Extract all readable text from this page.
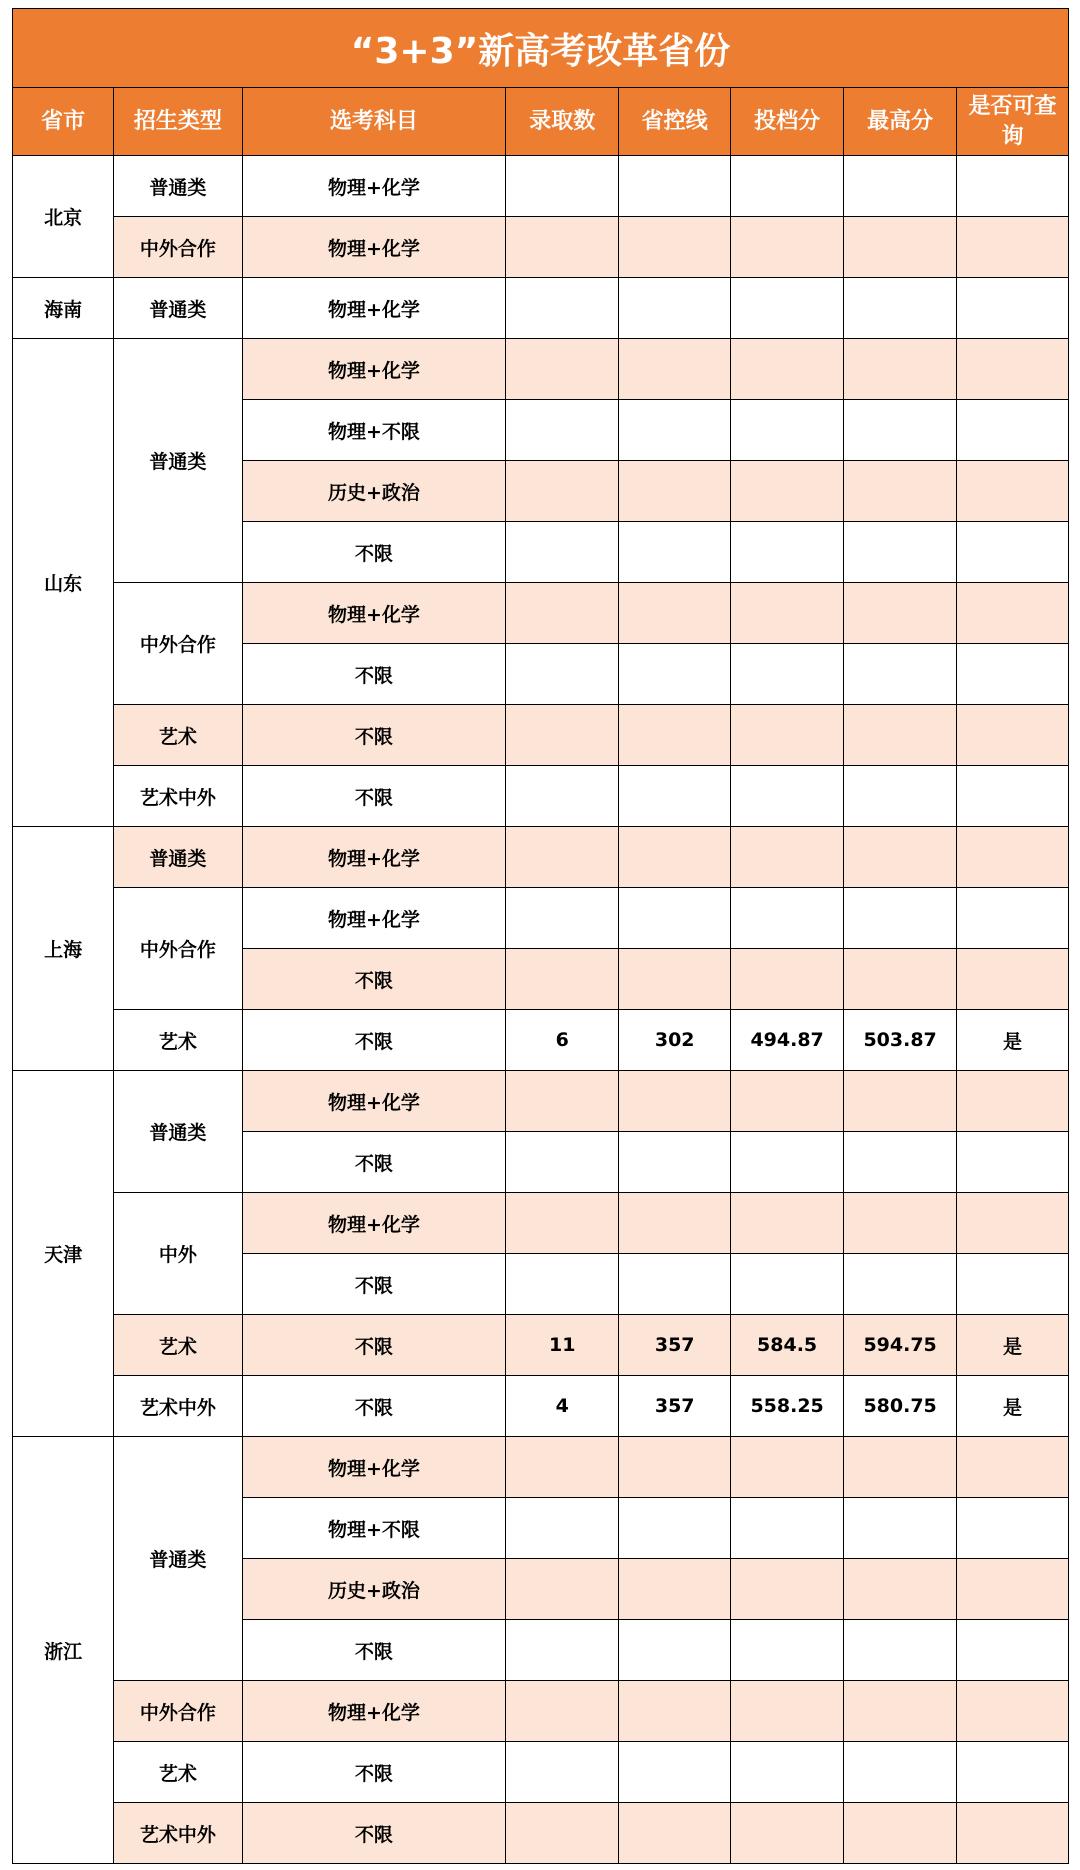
“3+3”新高考改革省份
省市	招生类型	选考科目	录取数	省控线	投档分	最高分	是否可查询
北京	普通类	物理+化学					
	中外合作	物理+化学					
海南	普通类	物理+化学					
山东	普通类	物理+化学					
		物理+不限					
		历史+政治					
		不限					
	中外合作	物理+化学					
		不限					
	艺术	不限					
	艺术中外	不限					
上海	普通类	物理+化学					
	中外合作	物理+化学					
		不限					
	艺术	不限	6	302	494.87	503.87	是
天津	普通类	物理+化学					
		不限					
	中外	物理+化学					
		不限					
	艺术	不限	11	357	584.5	594.75	是
	艺术中外	不限	4	357	558.25	580.75	是
浙江	普通类	物理+化学					
		物理+不限					
		历史+政治					
		不限					
	中外合作	物理+化学					
	艺术	不限					
	艺术中外	不限					
